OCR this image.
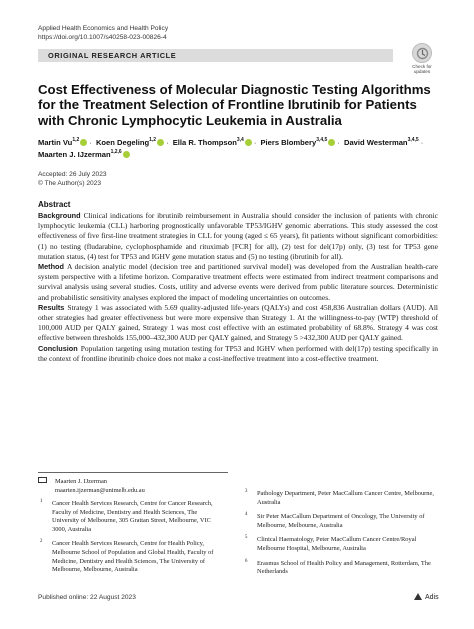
Applied Health Economics and Health Policy
https://doi.org/10.1007/s40258-023-00826-4
ORIGINAL RESEARCH ARTICLE
Check for updates
Cost Effectiveness of Molecular Diagnostic Testing Algorithms for the Treatment Selection of Frontline Ibrutinib for Patients with Chronic Lymphocytic Leukemia in Australia
Martin Vu$^{1,2}$ · Koen Degeling$^{1,2}$ · Ella R. Thompson$^{3,4}$ · Piers Blombery$^{3,4,5}$ · David Westerman$^{3,4,5}$ ·
Maarten J. IJzerman$^{1,2,6}$
Accepted: 26 July 2023
© The Author(s) 2023
Abstract

Background Clinical indications for ibrutinib reimbursement in Australia should consider the inclusion of patients with chronic lymphocytic leukemia (CLL) harboring prognostically unfavorable TP53/IGHV genomic aberrations. This study assessed the cost effectiveness of five first-line treatment strategies in CLL for young (aged ≤ 65 years), fit patients without significant comorbidities: (1) no testing (fludarabine, cyclophosphamide and rituximab [FCR] for all), (2) test for del(17p) only, (3) test for TP53 gene mutation status, (4) test for TP53 and IGHV gene mutation status and (5) no testing (ibrutinib for all).

Method A decision analytic model (decision tree and partitioned survival model) was developed from the Australian health-care system perspective with a lifetime horizon. Comparative treatment effects were estimated from indirect treatment comparisons and survival analysis using several studies. Costs, utility and adverse events were derived from public literature sources. Deterministic and probabilistic sensitivity analyses explored the impact of modeling uncertainties on outcomes.

Results Strategy 1 was associated with 5.69 quality-adjusted life-years (QALYs) and cost 458,836 Australian dollars (AUD). All other strategies had greater effectiveness but were more expensive than Strategy 1. At the willingness-to-pay (WTP) threshold of 100,000 AUD per QALY gained, Strategy 1 was most cost effective with an estimated probability of 68.8%. Strategy 4 was cost effective between thresholds 155,000–432,300 AUD per QALY gained, and Strategy 5 >432,300 AUD per QALY gained.

Conclusion Population targeting using mutation testing for TP53 and IGHV when performed with del(17p) testing specifically in the context of frontline ibrutinib choice does not make a cost-ineffective treatment into a cost-effective treatment.

Maarten J. IJzerman
maarten.ijzerman@unimelb.edu.au
1 Cancer Health Services Research, Centre for Cancer Research, Faculty of Medicine, Dentistry and Health Sciences, The University of Melbourne, 305 Grattan Street, Melbourne, VIC 3000, Australia
2 Cancer Health Services Research, Centre for Health Policy, Melbourne School of Population and Global Health, Faculty of Medicine, Dentistry and Health Sciences, The University of Melbourne, Melbourne, Australia
3 Pathology Department, Peter MacCallum Cancer Centre, Melbourne, Australia
4 Sir Peter MacCallum Department of Oncology, The University of Melbourne, Melbourne, Australia
5 Clinical Haematology, Peter MacCallum Cancer Centre/Royal Melbourne Hospital, Melbourne, Australia
6 Erasmus School of Health Policy and Management, Rotterdam, The Netherlands
Published online: 22 August 2023	Adis
